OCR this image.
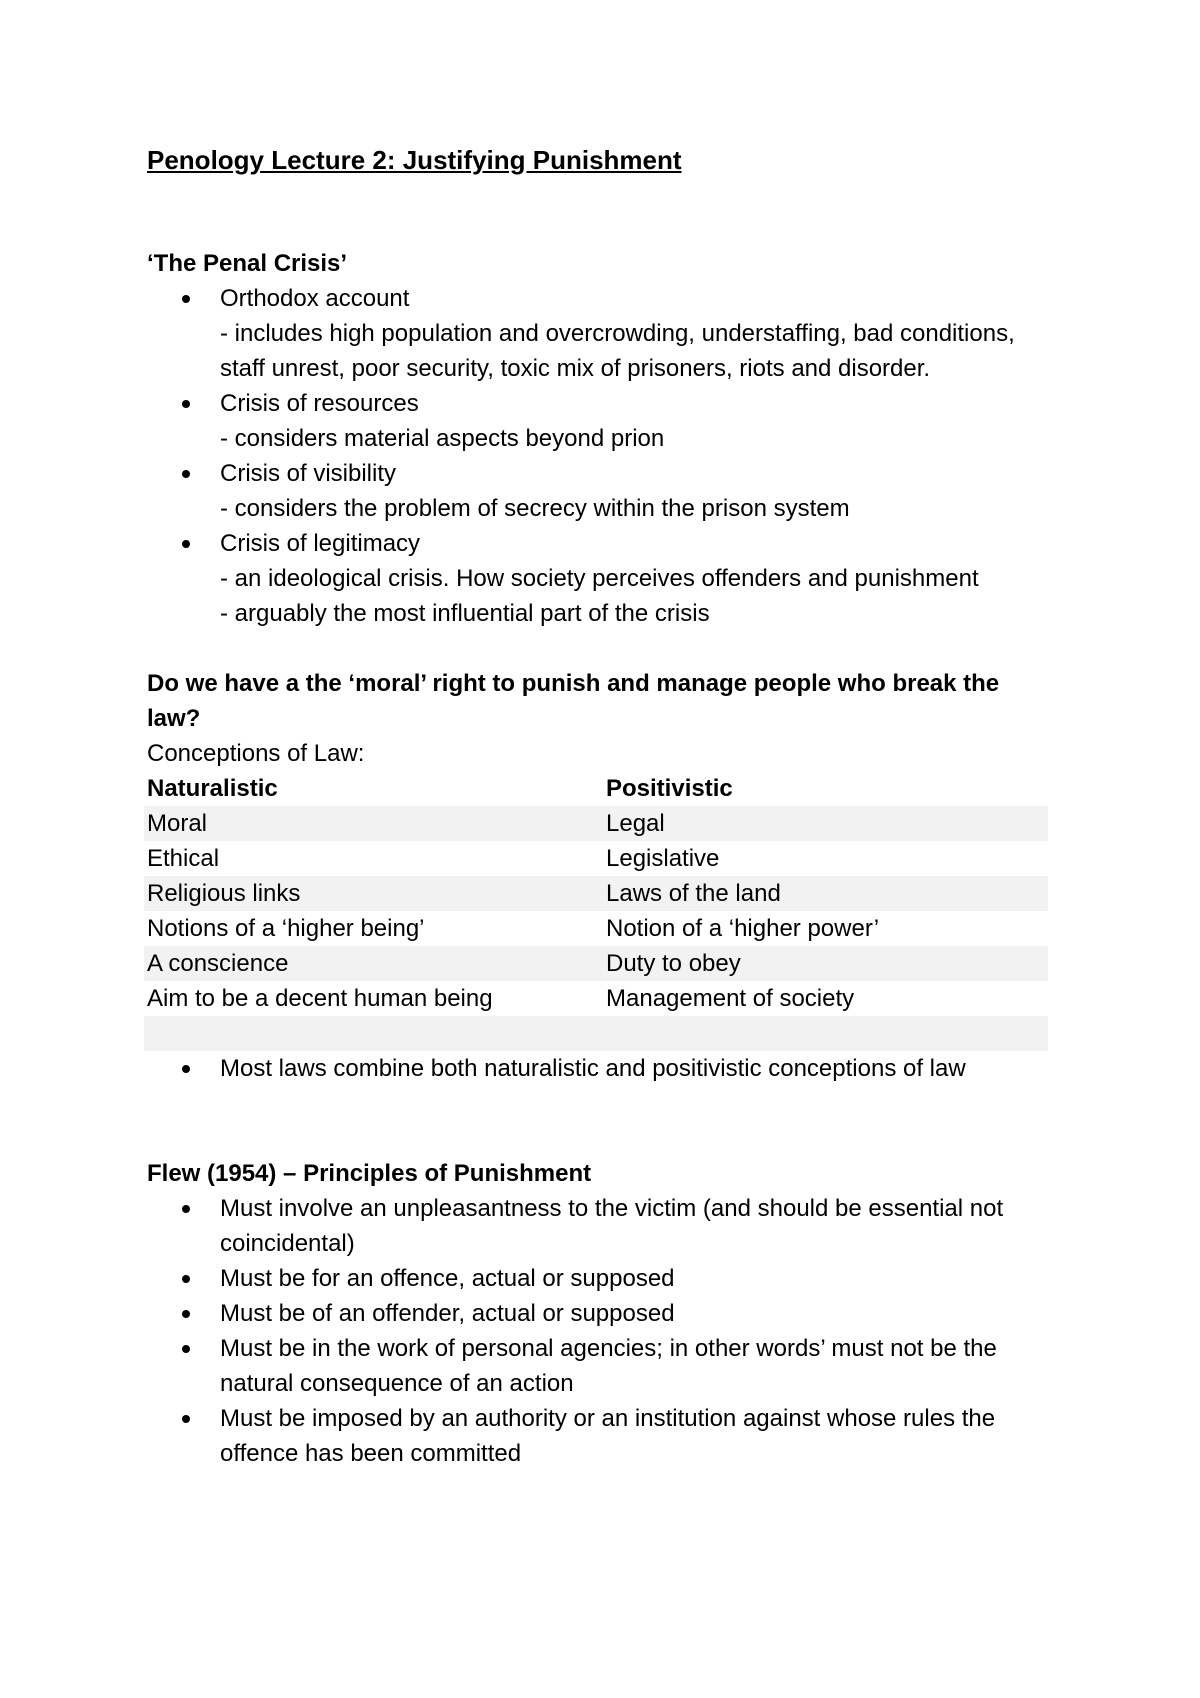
Penology Lecture 2: Justifying Punishment

‘The Penal Crisis’

Orthodox account
- includes high population and overcrowding, understaffing, bad conditions, staff unrest, poor security, toxic mix of prisoners, riots and disorder.
Crisis of resources
- considers material aspects beyond prion
Crisis of visibility
- considers the problem of secrecy within the prison system
Crisis of legitimacy
- an ideological crisis. How society perceives offenders and punishment
- arguably the most influential part of the crisis

Do we have a the ‘moral’ right to punish and manage people who break the law?

Conceptions of Law:

Naturalistic	Positivistic
Moral	Legal
Ethical	Legislative
Religious links	Laws of the land
Notions of a ‘higher being’	Notion of a ‘higher power’
A conscience	Duty to obey
Aim to be a decent human being	Management of society

Most laws combine both naturalistic and positivistic conceptions of law

Flew (1954) – Principles of Punishment

Must involve an unpleasantness to the victim (and should be essential not coincidental)
Must be for an offence, actual or supposed
Must be of an offender, actual or supposed
Must be in the work of personal agencies; in other words’ must not be the natural consequence of an action
Must be imposed by an authority or an institution against whose rules the offence has been committed
